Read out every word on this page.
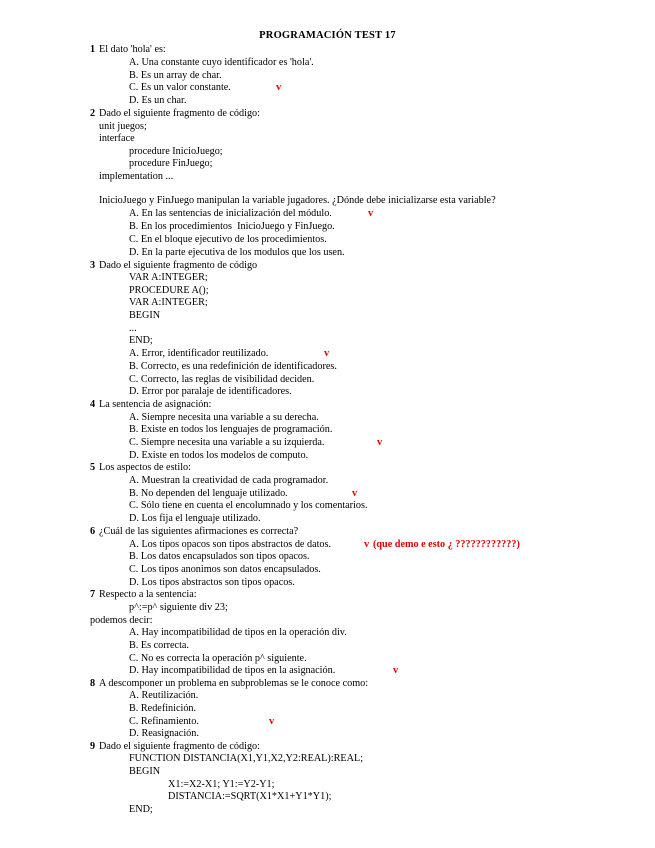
PROGRAMACIÓN TEST 17
1 El dato 'hola' es:
A. Una constante cuyo identificador es 'hola'.
B. Es un array de char.
C. Es un valor constante.	v
D. Es un char.
2 Dado el siguiente fragmento de código:
unit juegos;
interface
procedure InicioJuego;
procedure FinJuego;
implementation ...
InicioJuego y FinJuego manipulan la variable jugadores. ¿Dónde debe inicializarse esta variable?
A. En las sentencias de inicialización del módulo.	v
B. En los procedimientos  InicioJuego y FinJuego.
C. En el bloque ejecutivo de los procedimientos.
D. En la parte ejecutiva de los modulos que los usen.
3 Dado el siguiente fragmento de código
VAR A:INTEGER;
PROCEDURE A();
VAR A:INTEGER;
BEGIN
...
END;
A. Error, identificador reutilizado.	v
B. Correcto, es una redefinición de identificadores.
C. Correcto, las reglas de visibilidad deciden.
D. Error por paralaje de identificadores.
4 La sentencia de asignación:
A. Siempre necesita una variable a su derecha.
B. Existe en todos los lenguajes de programación.
C. Siempre necesita una variable a su izquierda.	v
D. Existe en todos los modelos de computo.
5 Los aspectos de estilo:
A. Muestran la creatividad de cada programador.
B. No dependen del lenguaje utilizado.	v
C. Sólo tiene en cuenta el encolumnado y los comentarios.
D. Los fija el lenguaje utilizado.
6 ¿Cuál de las siguientes afirmaciones es correcta?
A. Los tipos opacos son tipos abstractos de datos.	v (que demo e esto ¿ ????????????)
B. Los datos encapsulados son tipos opacos.
C. Los tipos anonimos son datos encapsulados.
D. Los tipos abstractos son tipos opacos.
7 Respecto a la sentencia:
p^:=p^ siguiente div 23;
podemos decir:
A. Hay incompatibilidad de tipos en la operación div.
B. Es correcta.
C. No es correcta la operación p^ siguiente.
D. Hay incompatibilidad de tipos en la asignación.	v
8 A descomponer un problema en subproblemas se le conoce como:
A. Reutilización.
B. Redefinición.
C. Refinamiento.	v
D. Reasignación.
9 Dado el siguiente fragmento de código:
FUNCTION DISTANCIA(X1,Y1,X2,Y2:REAL):REAL;
BEGIN
X1:=X2-X1; Y1:=Y2-Y1;
DISTANCIA:=SQRT(X1*X1+Y1*Y1);
END;
